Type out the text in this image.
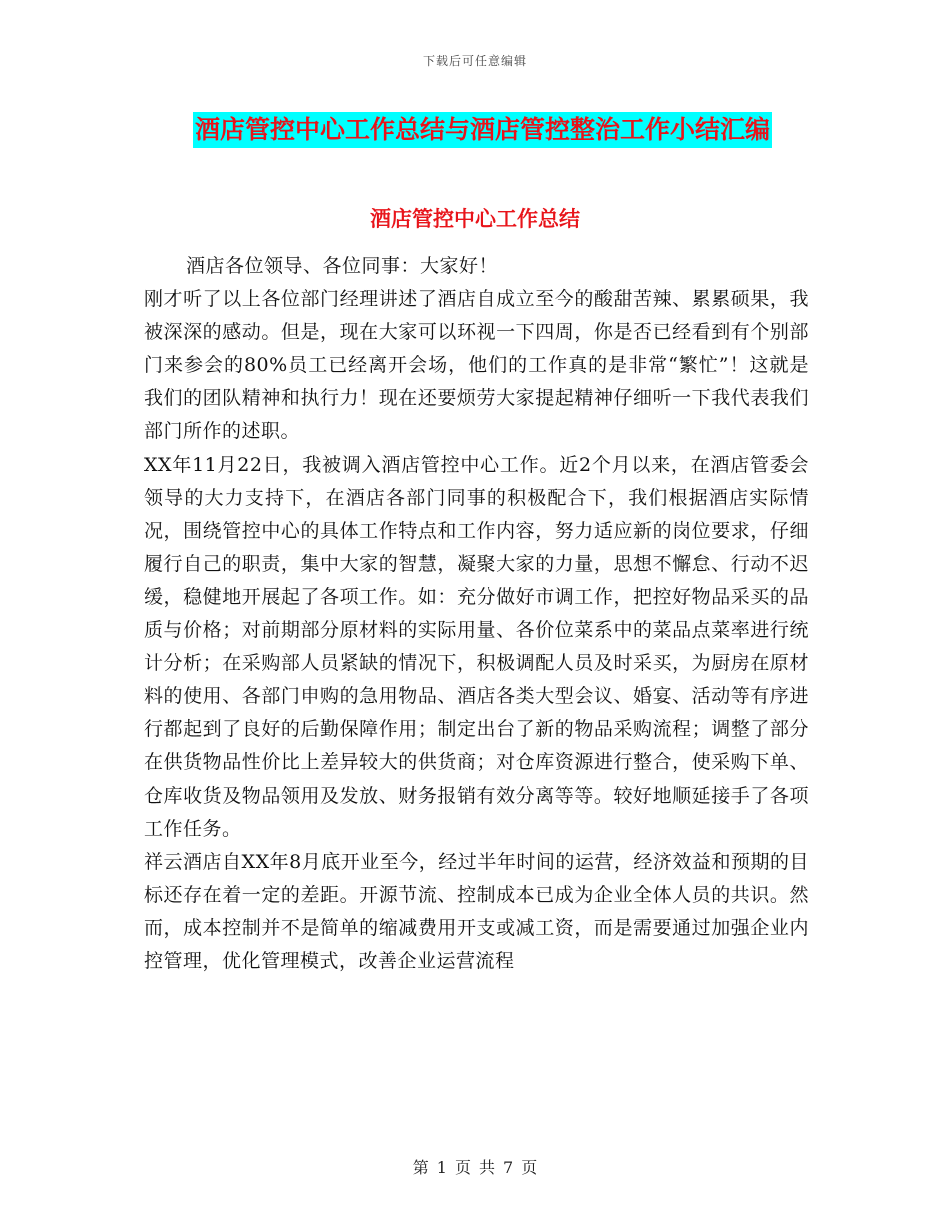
下载后可任意编辑
酒店管控中心工作总结与酒店管控整治工作小结汇编
酒店管控中心工作总结

酒店各位领导、各位同事：大家好！

刚才听了以上各位部门经理讲述了酒店自成立至今的酸甜苦辣、累累硕果，我被深深的感动。但是，现在大家可以环视一下四周，你是否已经看到有个别部门来参会的80%员工已经离开会场，他们的工作真的是非常“繁忙”！这就是我们的团队精神和执行力！现在还要烦劳大家提起精神仔细听一下我代表我们部门所作的述职。

XX年11月22日，我被调入酒店管控中心工作。近2个月以来，在酒店管委会领导的大力支持下，在酒店各部门同事的积极配合下，我们根据酒店实际情况，围绕管控中心的具体工作特点和工作内容，努力适应新的岗位要求，仔细履行自己的职责，集中大家的智慧，凝聚大家的力量，思想不懈怠、行动不迟缓，稳健地开展起了各项工作。如：充分做好市调工作，把控好物品采买的品质与价格；对前期部分原材料的实际用量、各价位菜系中的菜品点菜率进行统计分析；在采购部人员紧缺的情况下，积极调配人员及时采买，为厨房在原材料的使用、各部门申购的急用物品、酒店各类大型会议、婚宴、活动等有序进行都起到了良好的后勤保障作用；制定出台了新的物品采购流程；调整了部分在供货物品性价比上差异较大的供货商；对仓库资源进行整合，使采购下单、仓库收货及物品领用及发放、财务报销有效分离等等。较好地顺延接手了各项工作任务。

祥云酒店自XX年8月底开业至今，经过半年时间的运营，经济效益和预期的目标还存在着一定的差距。开源节流、控制成本已成为企业全体人员的共识。然而，成本控制并不是简单的缩减费用开支或减工资，而是需要通过加强企业内控管理，优化管理模式，改善企业运营流程

第 1 页 共 7 页
